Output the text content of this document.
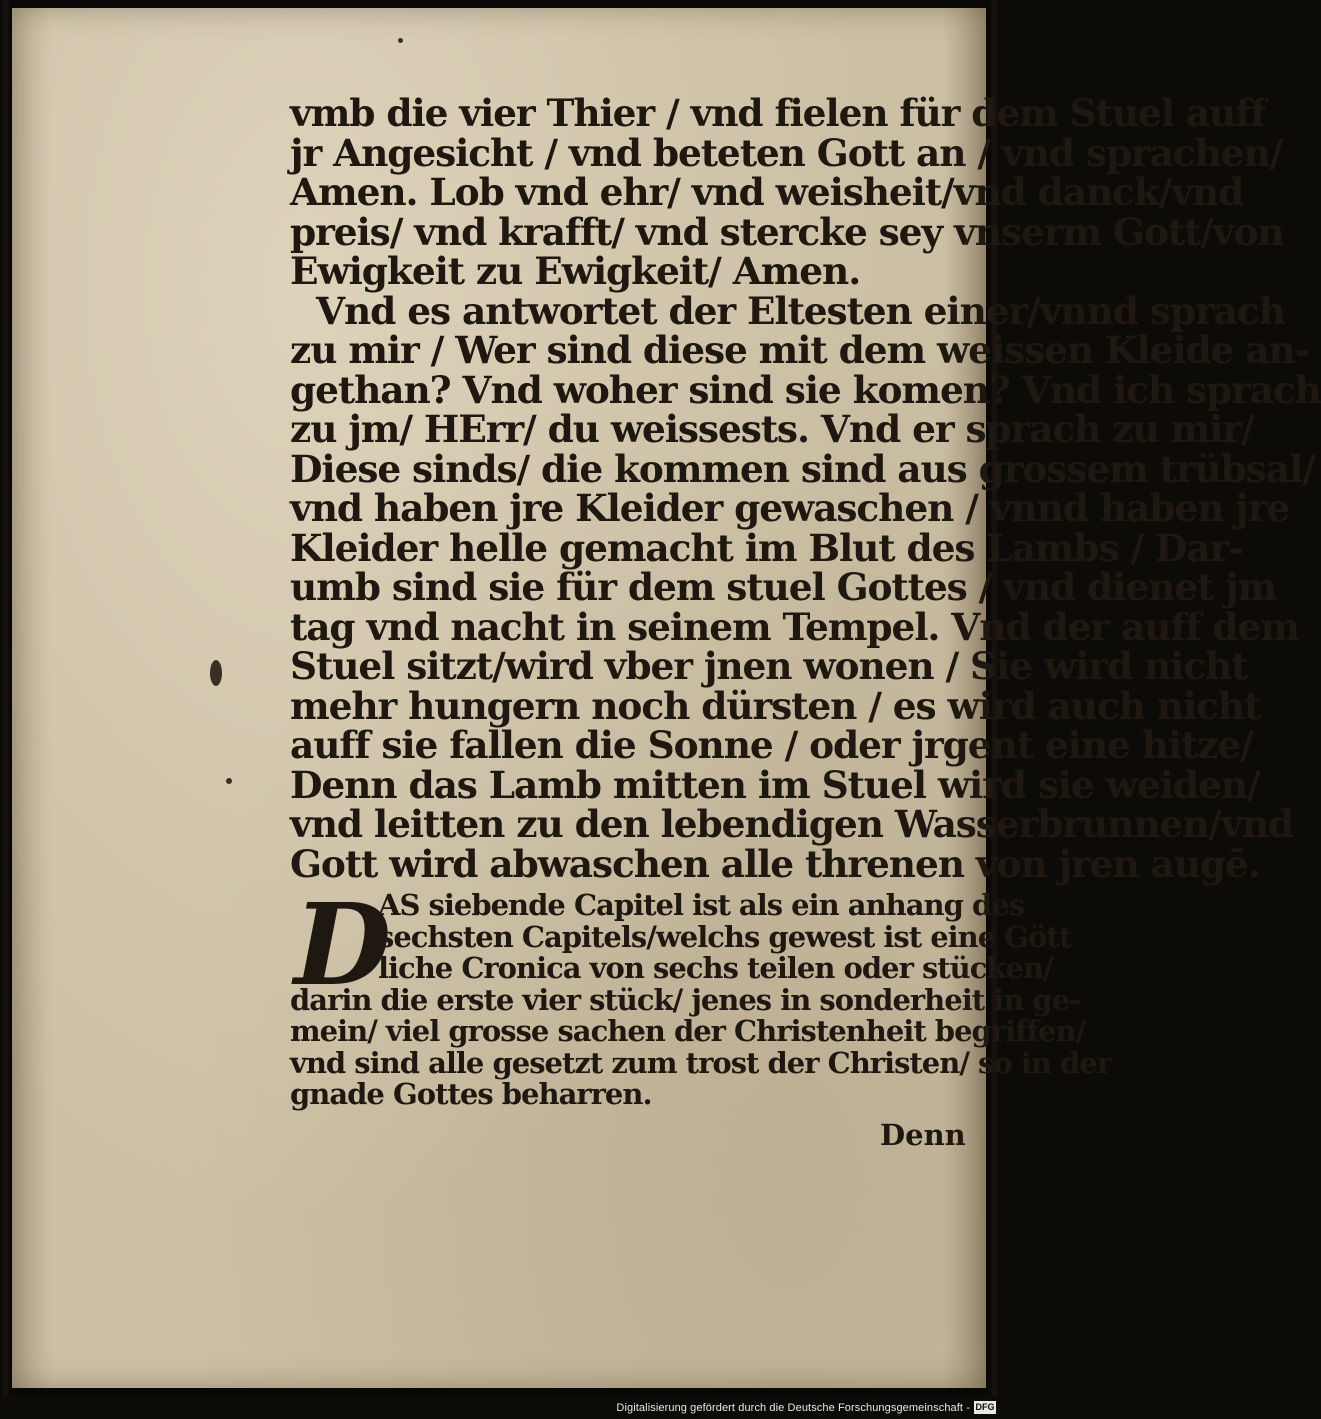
vmb die vier Thier / vnd fielen für dem Stuel auff
jr Angesicht / vnd beteten Gott an / vnd sprachen/
Amen. Lob vnd ehr/ vnd weisheit/vnd danck/vnd
preis/ vnd krafft/ vnd stercke sey vnserm Gott/von
Ewigkeit zu Ewigkeit/ Amen.
Vnd es antwortet der Eltesten einer/vnnd sprach
zu mir / Wer sind diese mit dem weissen Kleide an-
gethan? Vnd woher sind sie komen? Vnd ich sprach
zu jm/ HErr/ du weissests. Vnd er sprach zu mir/
Diese sinds/ die kommen sind aus grossem trübsal/
vnd haben jre Kleider gewaschen / vnnd haben jre
Kleider helle gemacht im Blut des Lambs / Dar-
umb sind sie für dem stuel Gottes / vnd dienet jm
tag vnd nacht in seinem Tempel. Vnd der auff dem
Stuel sitzt/wird vber jnen wonen / Sie wird nicht
mehr hungern noch dürsten / es wird auch nicht
auff sie fallen die Sonne / oder jrgent eine hitze/
Denn das Lamb mitten im Stuel wird sie weiden/
vnd leitten zu den lebendigen Wasserbrunnen/vnd
Gott wird abwaschen alle threnen von jren augē.
D
AS siebende Capitel ist als ein anhang des
sechsten Capitels/welchs gewest ist eine Gött
liche Cronica von sechs teilen oder stücken/
darin die erste vier stück/ jenes in sonderheit in ge-
mein/ viel grosse sachen der Christenheit begriffen/
vnd sind alle gesetzt zum trost der Christen/ so in der
gnade Gottes beharren.
Denn
Digitalisierung gefördert durch die Deutsche Forschungsgemeinschaft - DFG
